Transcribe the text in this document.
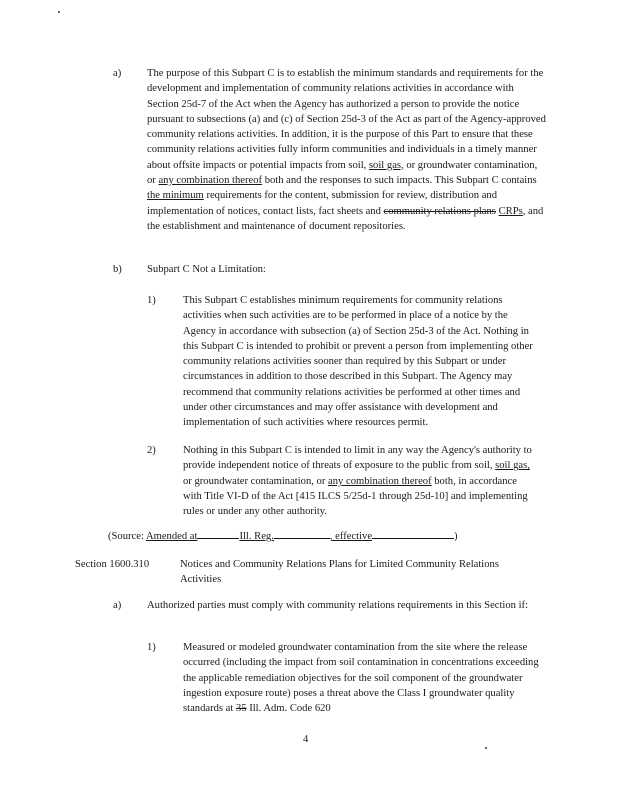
a) The purpose of this Subpart C is to establish the minimum standards and requirements for the development and implementation of community relations activities in accordance with Section 25d-7 of the Act when the Agency has authorized a person to provide the notice pursuant to subsections (a) and (c) of Section 25d-3 of the Act as part of the Agency-approved community relations activities. In addition, it is the purpose of this Part to ensure that these community relations activities fully inform communities and individuals in a timely manner about offsite impacts or potential impacts from soil, soil gas, or groundwater contamination, or any combination thereof both and the responses to such impacts. This Subpart C contains the minimum requirements for the content, submission for review, distribution and implementation of notices, contact lists, fact sheets and community relations plans CRPs, and the establishment and maintenance of document repositories.
b) Subpart C Not a Limitation:
1)	This Subpart C establishes minimum requirements for community relations activities when such activities are to be performed in place of a notice by the Agency in accordance with subsection (a) of Section 25d-3 of the Act. Nothing in this Subpart C is intended to prohibit or prevent a person from implementing other community relations activities sooner than required by this Subpart or under circumstances in addition to those described in this Subpart. The Agency may recommend that community relations activities be performed at other times and under other circumstances and may offer assistance with development and implementation of such activities where resources permit.
2)	Nothing in this Subpart C is intended to limit in any way the Agency's authority to provide independent notice of threats of exposure to the public from soil, soil gas, or groundwater contamination, or any combination thereof both, in accordance with Title VI-D of the Act [415 ILCS 5/25d-1 through 25d-10] and implementing rules or under any other authority.
(Source: Amended at	Ill. Reg.	, effective	)
Section 1600.310	Notices and Community Relations Plans for Limited Community Relations Activities
a) Authorized parties must comply with community relations requirements in this Section if:
1)	Measured or modeled groundwater contamination from the site where the release occurred (including the impact from soil contamination in concentrations exceeding the applicable remediation objectives for the soil component of the groundwater ingestion exposure route) poses a threat above the Class I groundwater quality standards at 35 Ill. Adm. Code 620
4
